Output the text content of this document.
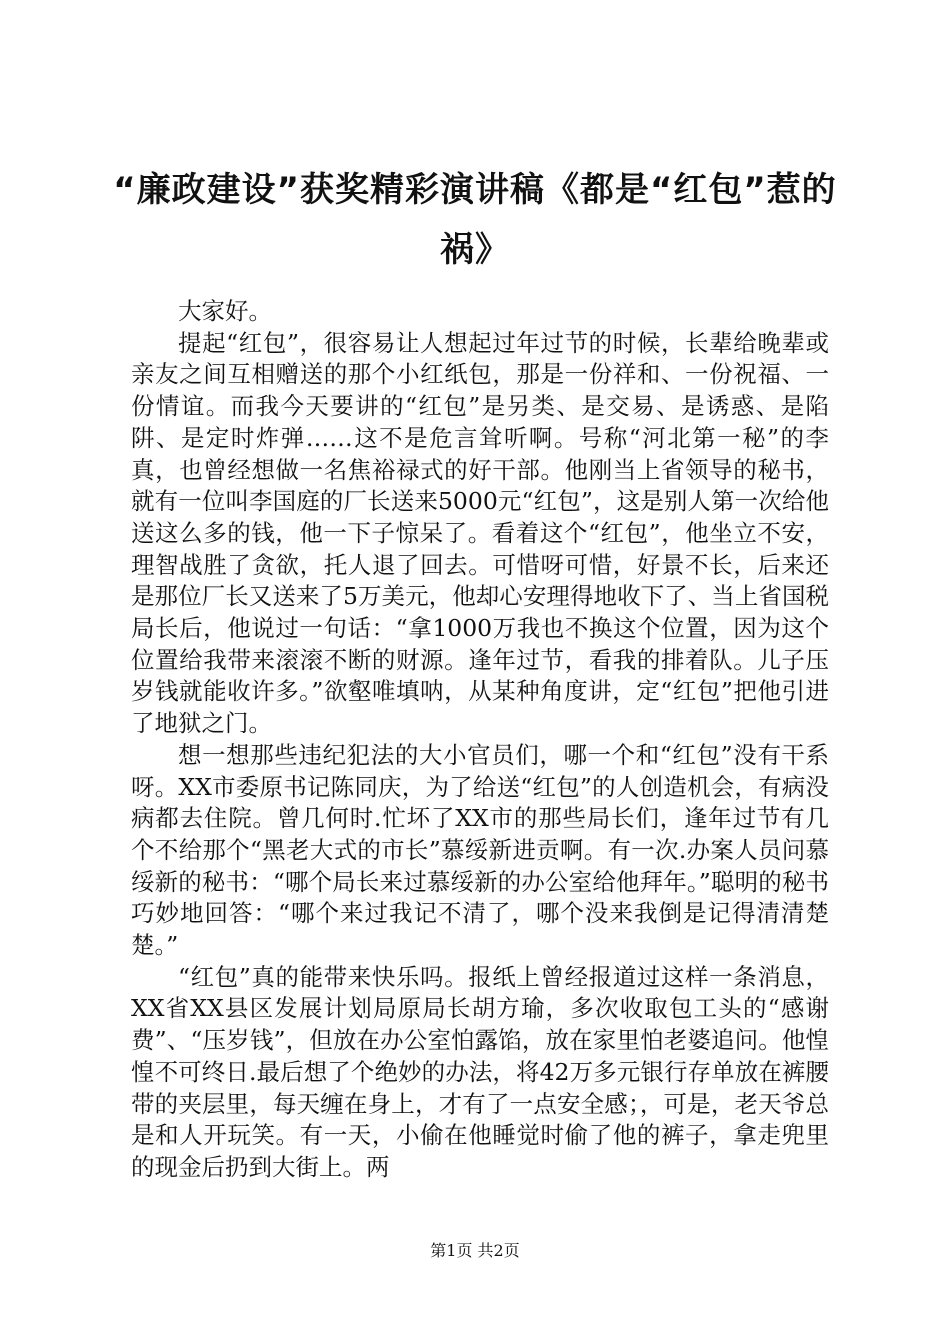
“廉政建设”获奖精彩演讲稿《都是“红包”惹的祸》

大家好。

提起“红包”，很容易让人想起过年过节的时候，长辈给晚辈或亲友之间互相赠送的那个小红纸包，那是一份祥和、一份祝福、一份情谊。而我今天要讲的“红包”是另类、是交易、是诱惑、是陷阱、是定时炸弹……这不是危言耸听啊。号称“河北第一秘”的李真，也曾经想做一名焦裕禄式的好干部。他刚当上省领导的秘书，就有一位叫李国庭的厂长送来5000元“红包”，这是别人第一次给他送这么多的钱，他一下子惊呆了。看着这个“红包”，他坐立不安，理智战胜了贪欲，托人退了回去。可惜呀可惜，好景不长，后来还是那位厂长又送来了5万美元，他却心安理得地收下了、当上省国税局长后，他说过一句话：“拿1000万我也不换这个位置，因为这个位置给我带来滚滚不断的财源。逢年过节，看我的排着队。儿子压岁钱就能收许多。”欲壑唯填呐，从某种角度讲，定“红包”把他引进了地狱之门。

想一想那些违纪犯法的大小官员们，哪一个和“红包”没有干系呀。XX市委原书记陈同庆，为了给送“红包”的人创造机会，有病没病都去住院。曾几何时.忙坏了XX市的那些局长们，逢年过节有几个不给那个“黑老大式的市长”慕绥新进贡啊。有一次.办案人员问慕绥新的秘书：“哪个局长来过慕绥新的办公室给他拜年。”聪明的秘书巧妙地回答：“哪个来过我记不清了，哪个没来我倒是记得清清楚楚。”

“红包”真的能带来快乐吗。报纸上曾经报道过这样一条消息，XX省XX县区发展计划局原局长胡方瑜，多次收取包工头的“感谢费”、“压岁钱”，但放在办公室怕露馅，放在家里怕老婆追问。他惶惶不可终日.最后想了个绝妙的办法，将42万多元银行存单放在裤腰带的夹层里，每天缠在身上，才有了一点安全感；，可是，老天爷总是和人开玩笑。有一天，小偷在他睡觉时偷了他的裤子，拿走兜里的现金后扔到大街上。两

第1页 共2页
